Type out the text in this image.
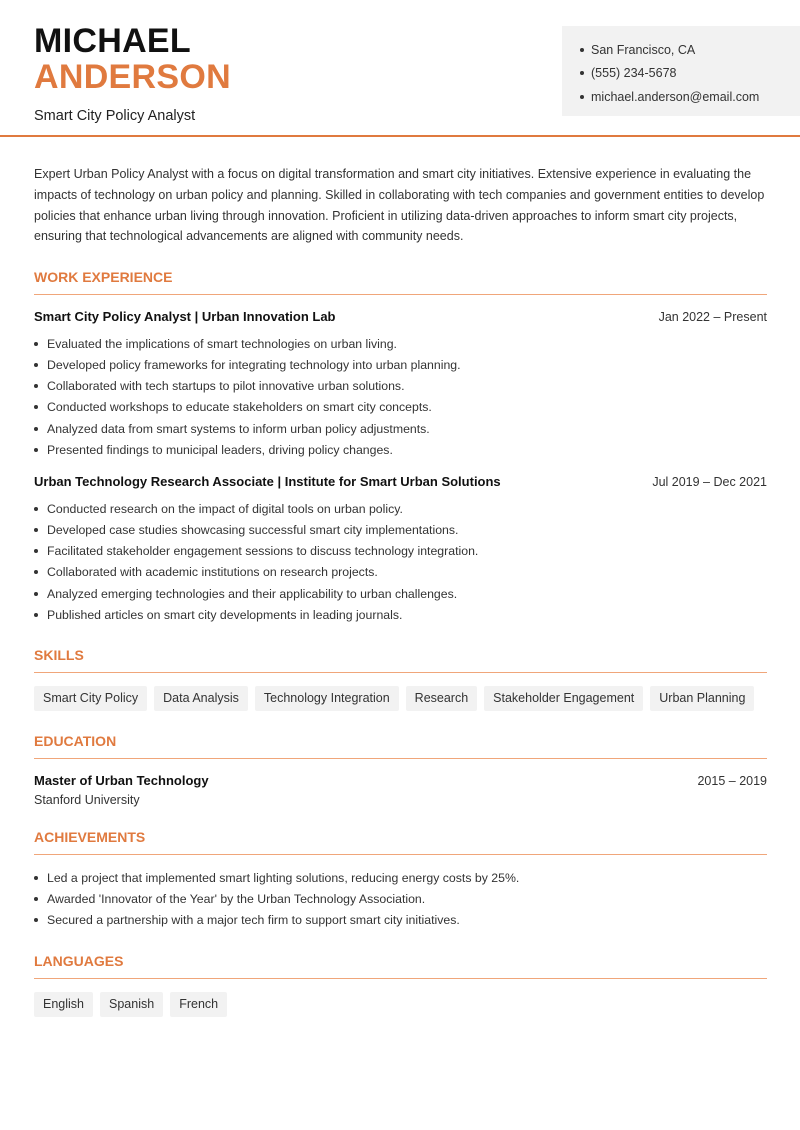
MICHAEL
ANDERSON
Smart City Policy Analyst
San Francisco, CA
(555) 234-5678
michael.anderson@email.com

Expert Urban Policy Analyst with a focus on digital transformation and smart city initiatives. Extensive experience in evaluating the impacts of technology on urban policy and planning. Skilled in collaborating with tech companies and government entities to develop policies that enhance urban living through innovation. Proficient in utilizing data-driven approaches to inform smart city projects, ensuring that technological advancements are aligned with community needs.

WORK EXPERIENCE
Smart City Policy Analyst | Urban Innovation Lab	Jan 2022 – Present
Evaluated the implications of smart technologies on urban living.
Developed policy frameworks for integrating technology into urban planning.
Collaborated with tech startups to pilot innovative urban solutions.
Conducted workshops to educate stakeholders on smart city concepts.
Analyzed data from smart systems to inform urban policy adjustments.
Presented findings to municipal leaders, driving policy changes.
Urban Technology Research Associate | Institute for Smart Urban Solutions	Jul 2019 – Dec 2021
Conducted research on the impact of digital tools on urban policy.
Developed case studies showcasing successful smart city implementations.
Facilitated stakeholder engagement sessions to discuss technology integration.
Collaborated with academic institutions on research projects.
Analyzed emerging technologies and their applicability to urban challenges.
Published articles on smart city developments in leading journals.
SKILLS
Smart City Policy	Data Analysis	Technology Integration	Research	Stakeholder Engagement	Urban Planning
EDUCATION
Master of Urban Technology	2015 – 2019
Stanford University
ACHIEVEMENTS
Led a project that implemented smart lighting solutions, reducing energy costs by 25%.
Awarded 'Innovator of the Year' by the Urban Technology Association.
Secured a partnership with a major tech firm to support smart city initiatives.
LANGUAGES
English	Spanish	French
